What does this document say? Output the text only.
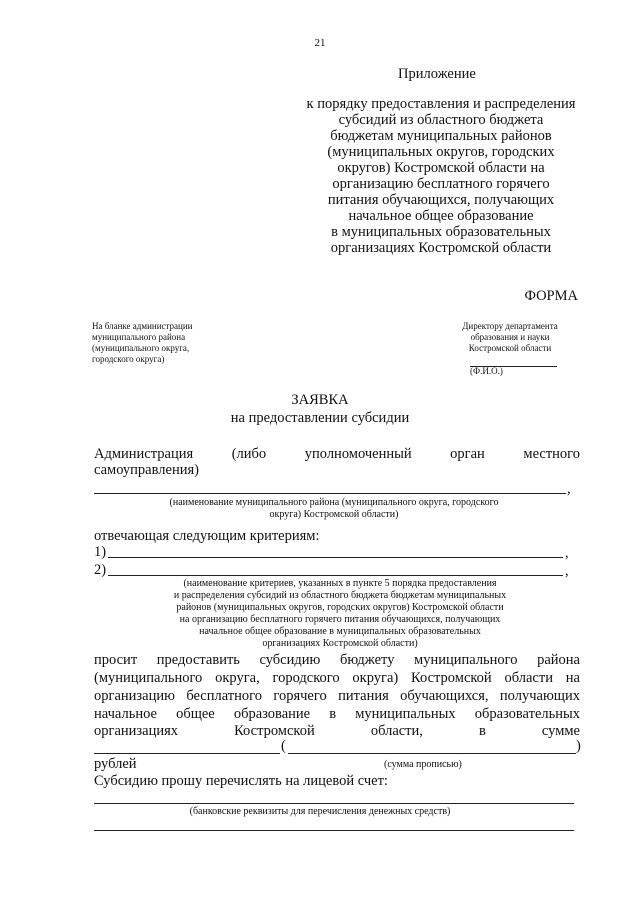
21
Приложение
к порядку предоставления и распределения
субсидий из областного бюджета
бюджетам муниципальных районов
(муниципальных округов, городских
округов) Костромской области на
организацию бесплатного горячего
питания обучающихся, получающих
начальное общее образование
в муниципальных образовательных
организациях Костромской области
ФОРМА
На бланке администрации
муниципального района
(муниципального округа,
городского округа)
Директору департамента
образования и науки
Костромской области
(Ф.И.О.)
ЗАЯВКА
на предоставлении субсидии
Администрация	(либо	уполномоченный	орган	местного
самоуправления)
,
(наименование муниципального района (муниципального округа, городского
округа) Костромской области)
отвечающая следующим критериям:
1)	,
2)	,
(наименование критериев, указанных в пункте 5 порядка предоставления
и распределения субсидий из областного бюджета бюджетам муниципальных
районов (муниципальных округов, городских округов) Костромской области
на организацию бесплатного горячего питания обучающихся, получающих
начальное общее образование в муниципальных образовательных
организациях Костромской области)
просит предоставить субсидию бюджету муниципального района
(муниципального округа, городского округа) Костромской области на
организацию бесплатного горячего питания обучающихся, получающих
начальное общее образование в муниципальных образовательных
организациях	Костромской	области,	в	сумме
(	)
рублей	(сумма прописью)
Субсидию прошу перечислять на лицевой счет:
(банковские реквизиты для перечисления денежных средств)
